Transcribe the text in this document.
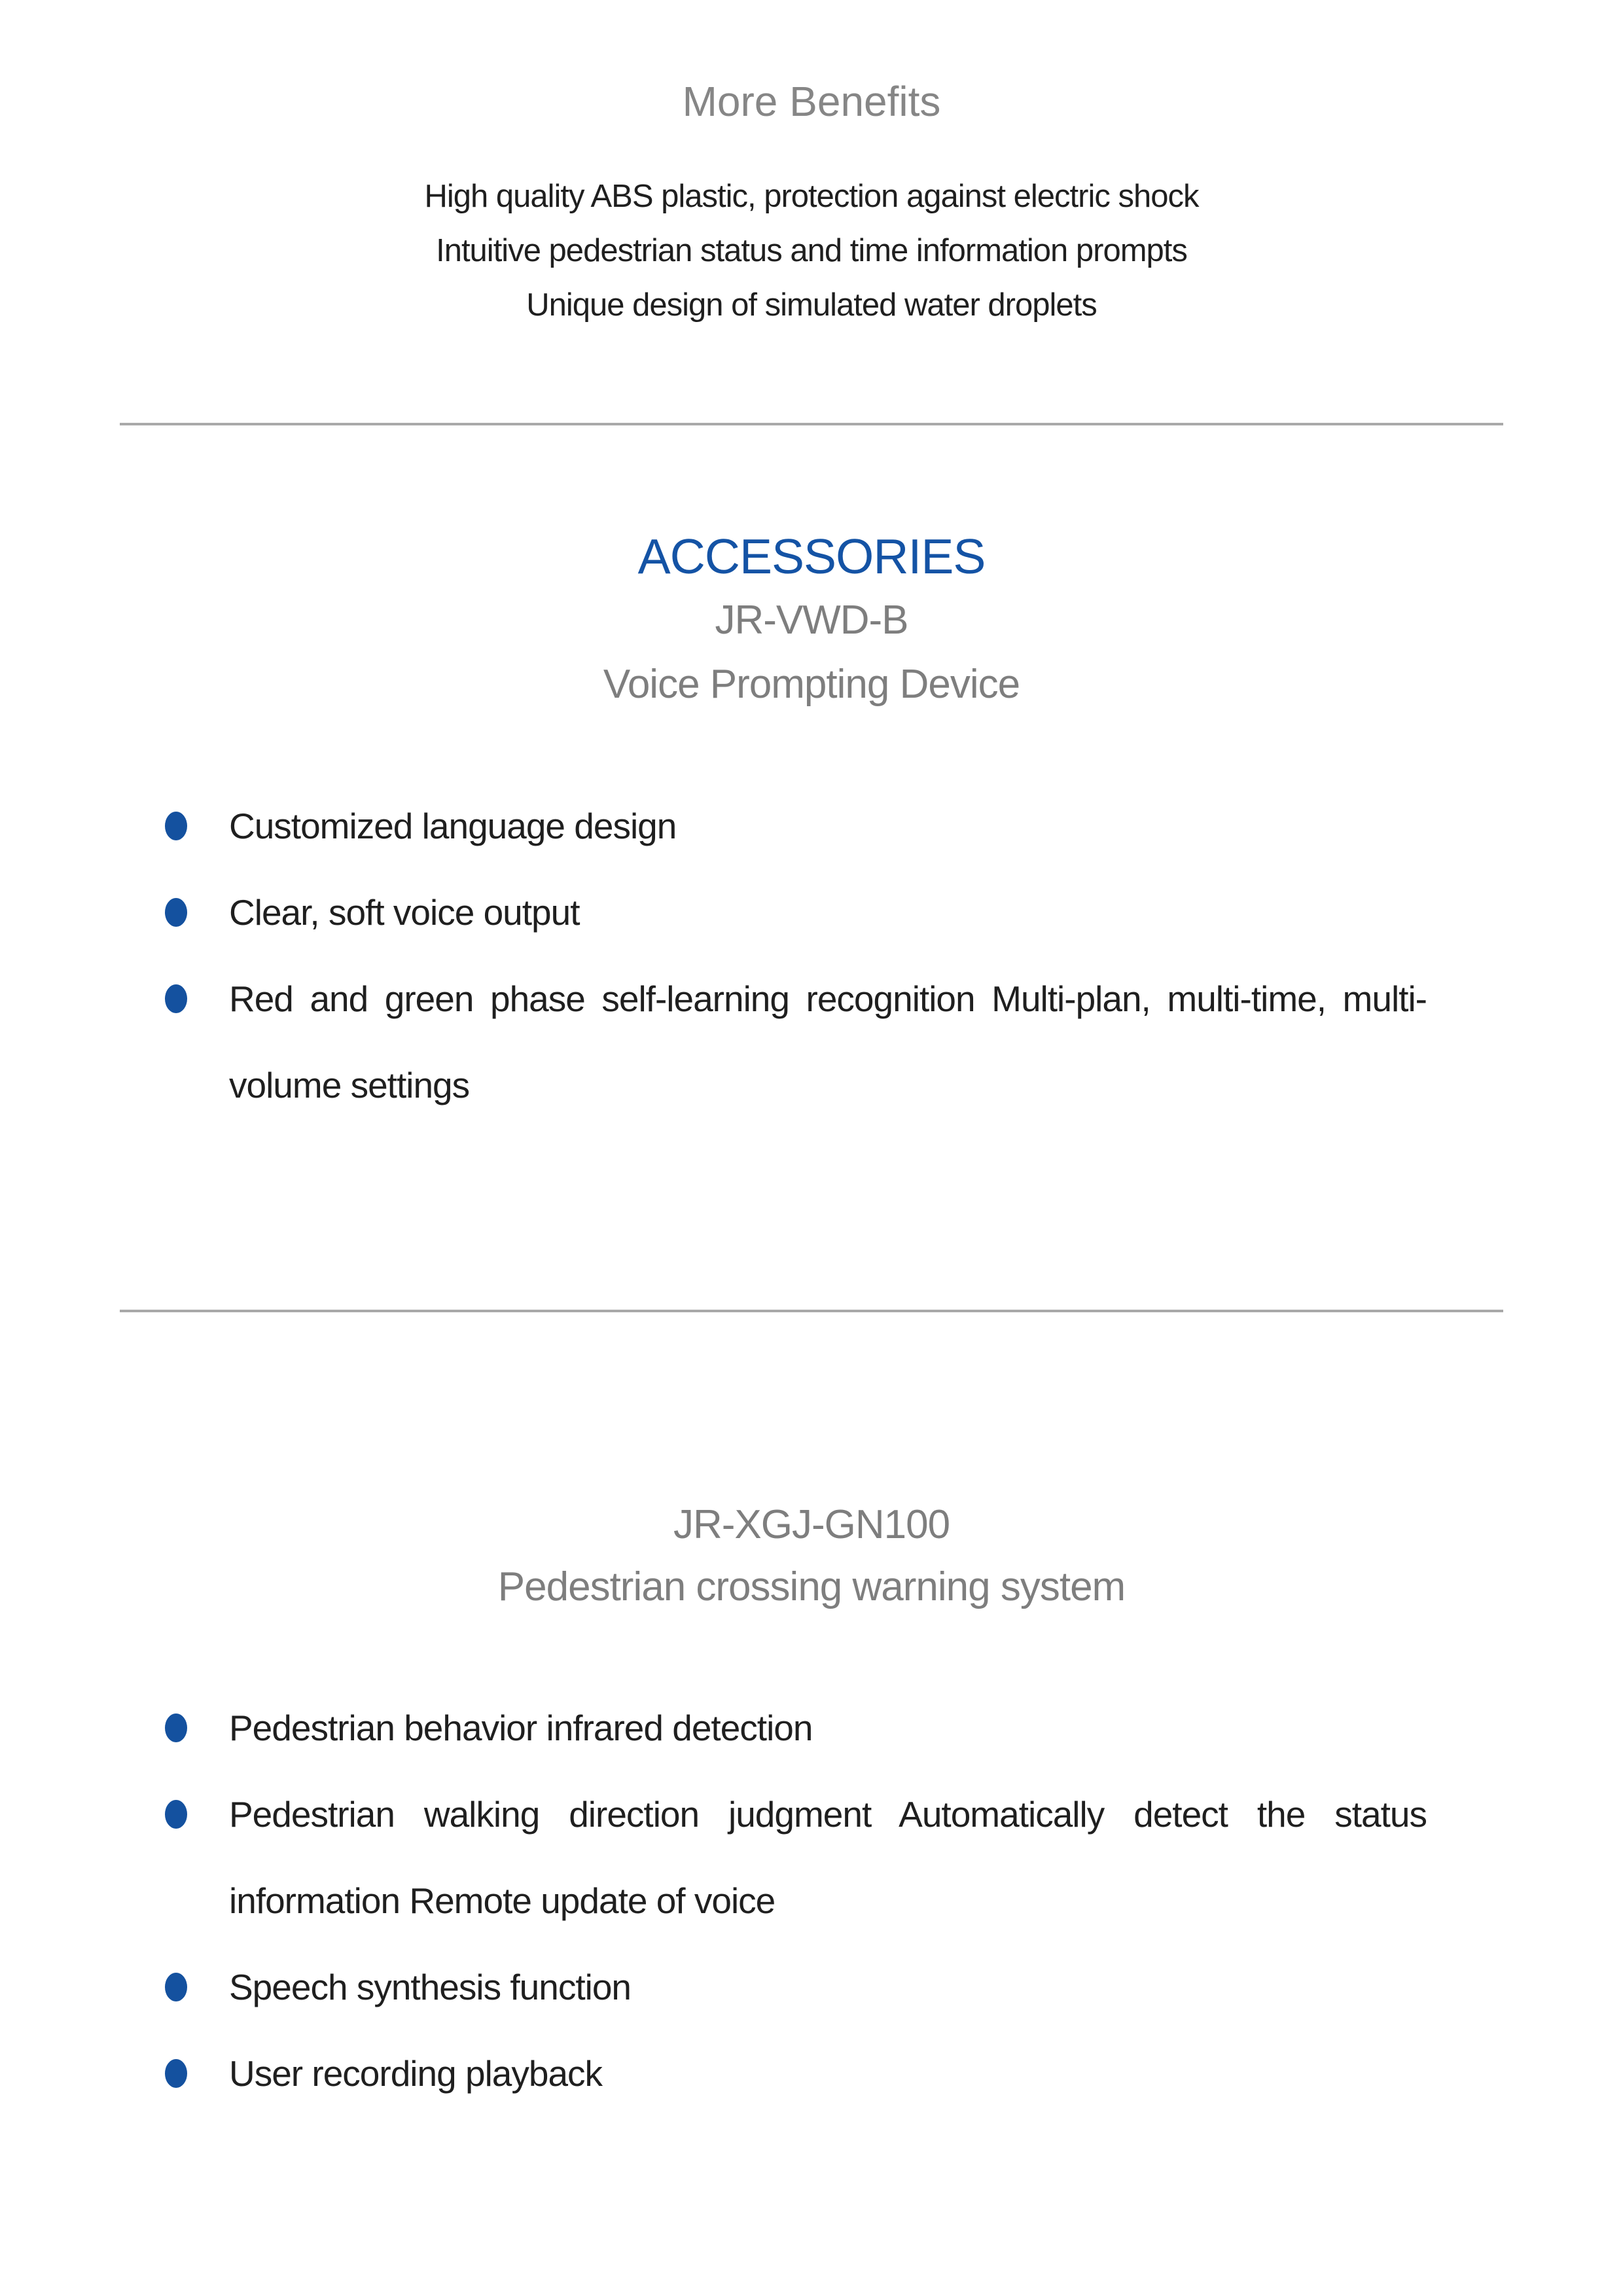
More Benefits
High quality ABS plastic, protection against electric shock
Intuitive pedestrian status and time information prompts
Unique design of simulated water droplets
ACCESSORIES
JR-VWD-B
Voice Prompting Device
Customized language design
Clear, soft voice output
Red and green phase self-learning recognition Multi-plan, multi-time, multi-volume settings
JR-XGJ-GN100
Pedestrian crossing warning system
Pedestrian behavior infrared detection
Pedestrian walking direction judgment Automatically detect the status information Remote update of voice
Speech synthesis function
User recording playback
